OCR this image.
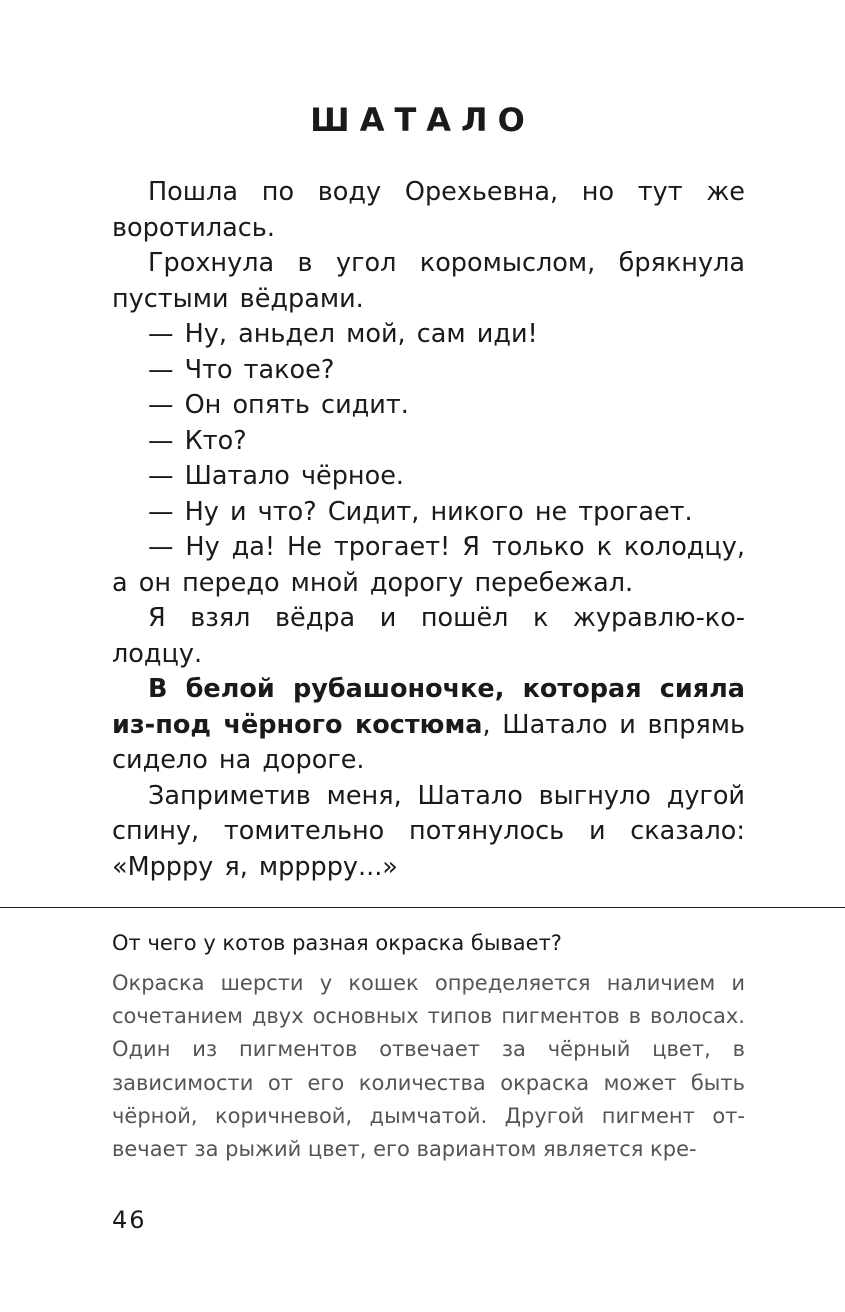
ШАТАЛО

Пошла по воду Орехьевна, но тут же воротилась.

Грохнула в угол коромыслом, брякнула пустыми вёдрами.

— Ну, аньдел мой, сам иди!

— Что такое?

— Он опять сидит.

— Кто?

— Шатало чёрное.

— Ну и что? Сидит, никого не трогает.

— Ну да! Не трогает! Я только к колодцу, а он передо мной дорогу перебежал.

Я взял вёдра и пошёл к журавлю-колодцу.

В белой рубашоночке, которая сияла из-под чёрного костюма, Шатало и впрямь сидело на дороге.

Заприметив меня, Шатало выгнуло дугой спину, томительно потянулось и сказало: «Мррру я, мрррру...»

От чего у котов разная окраска бывает?

Окраска шерсти у кошек определяется наличием и сочетанием двух основных типов пигментов в волосах. Один из пигментов отвечает за чёрный цвет, в зависимости от его количества окраска может быть чёрной, коричневой, дымчатой. Другой пигмент отвечает за рыжий цвет, его вариантом является кре-

46
